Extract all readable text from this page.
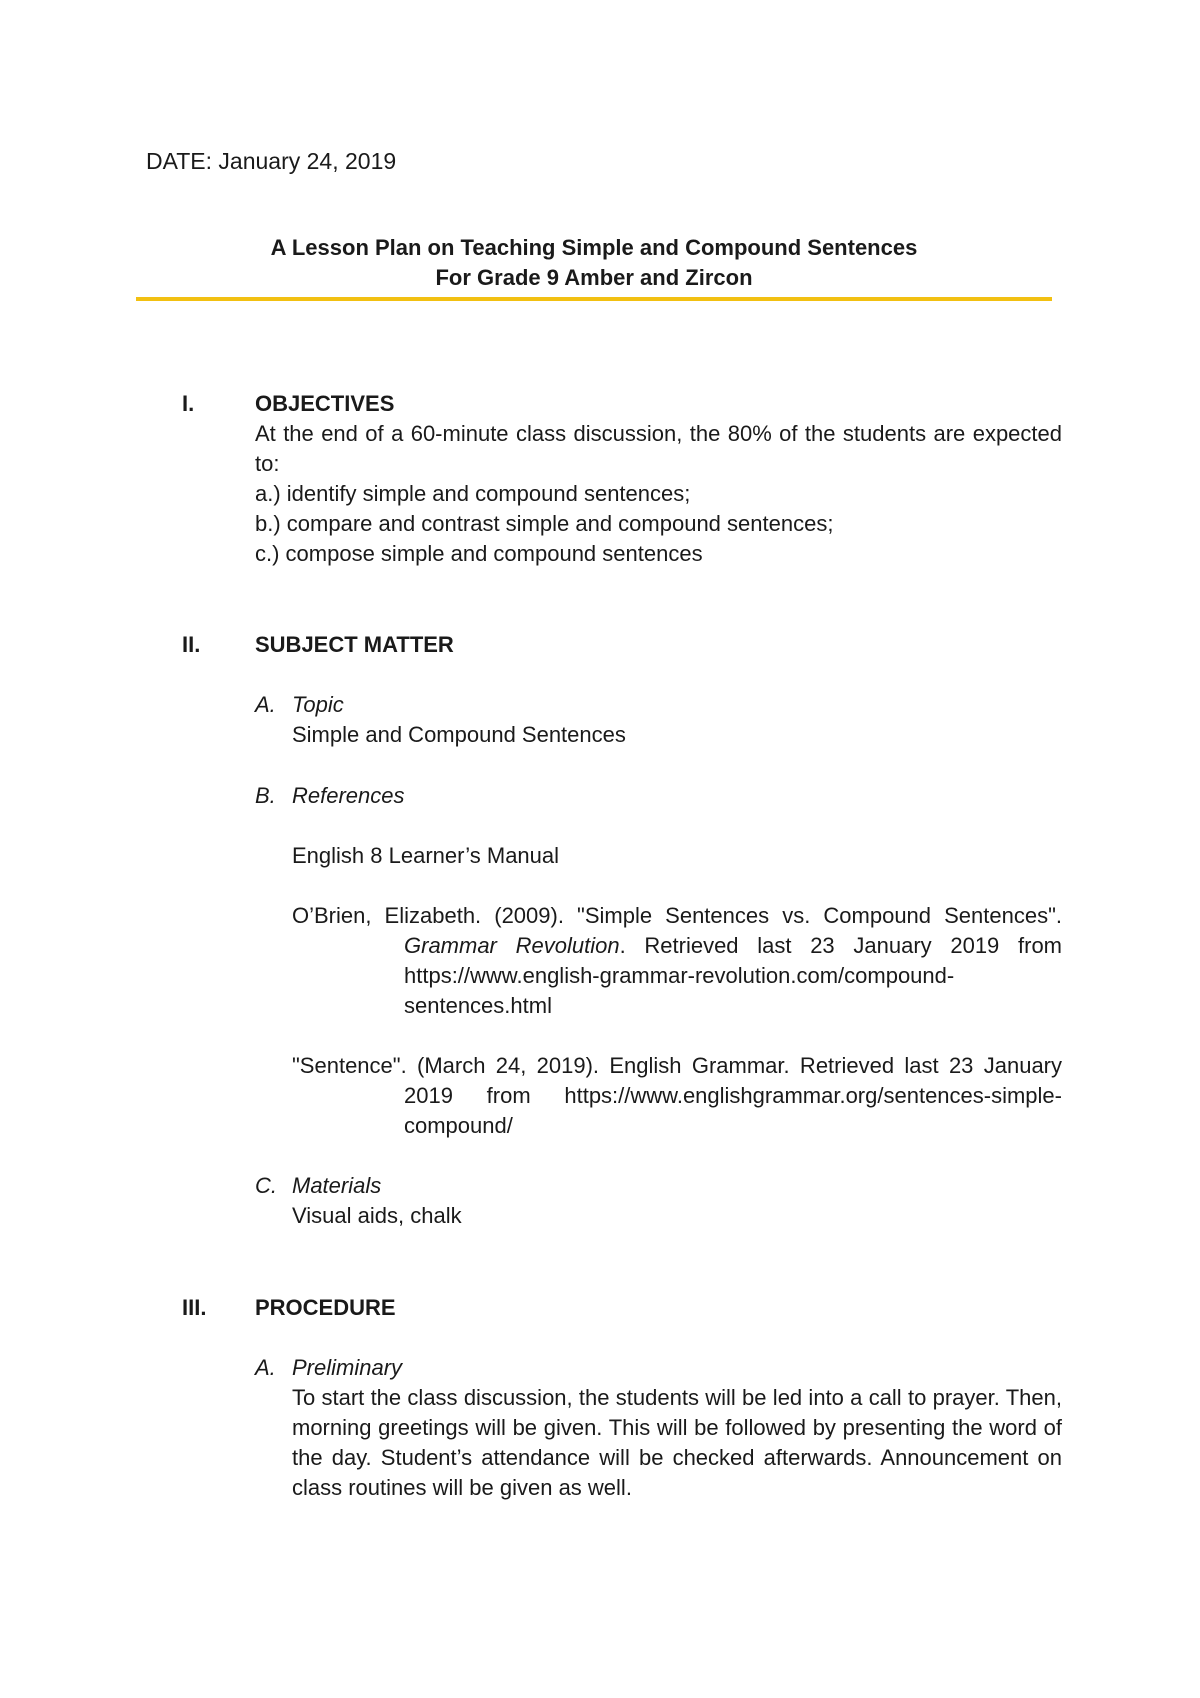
DATE: January 24, 2019
A Lesson Plan on Teaching Simple and Compound Sentences
For Grade 9 Amber and Zircon
I.	OBJECTIVES
At the end of a 60-minute class discussion, the 80% of the students are expected to:
a.) identify simple and compound sentences;
b.) compare and contrast simple and compound sentences;
c.) compose simple and compound sentences
II.	SUBJECT MATTER
A. Topic
Simple and Compound Sentences
B. References
English 8 Learner’s Manual
O’Brien, Elizabeth. (2009). "Simple Sentences vs. Compound Sentences". Grammar Revolution. Retrieved last 23 January 2019 from https://www.english-grammar-revolution.com/compound-sentences.html
"Sentence". (March 24, 2019). English Grammar. Retrieved last 23 January 2019 from https://www.englishgrammar.org/sentences-simple-compound/
C. Materials
Visual aids, chalk
III.	PROCEDURE
A. Preliminary
To start the class discussion, the students will be led into a call to prayer. Then, morning greetings will be given. This will be followed by presenting the word of the day. Student’s attendance will be checked afterwards. Announcement on class routines will be given as well.
